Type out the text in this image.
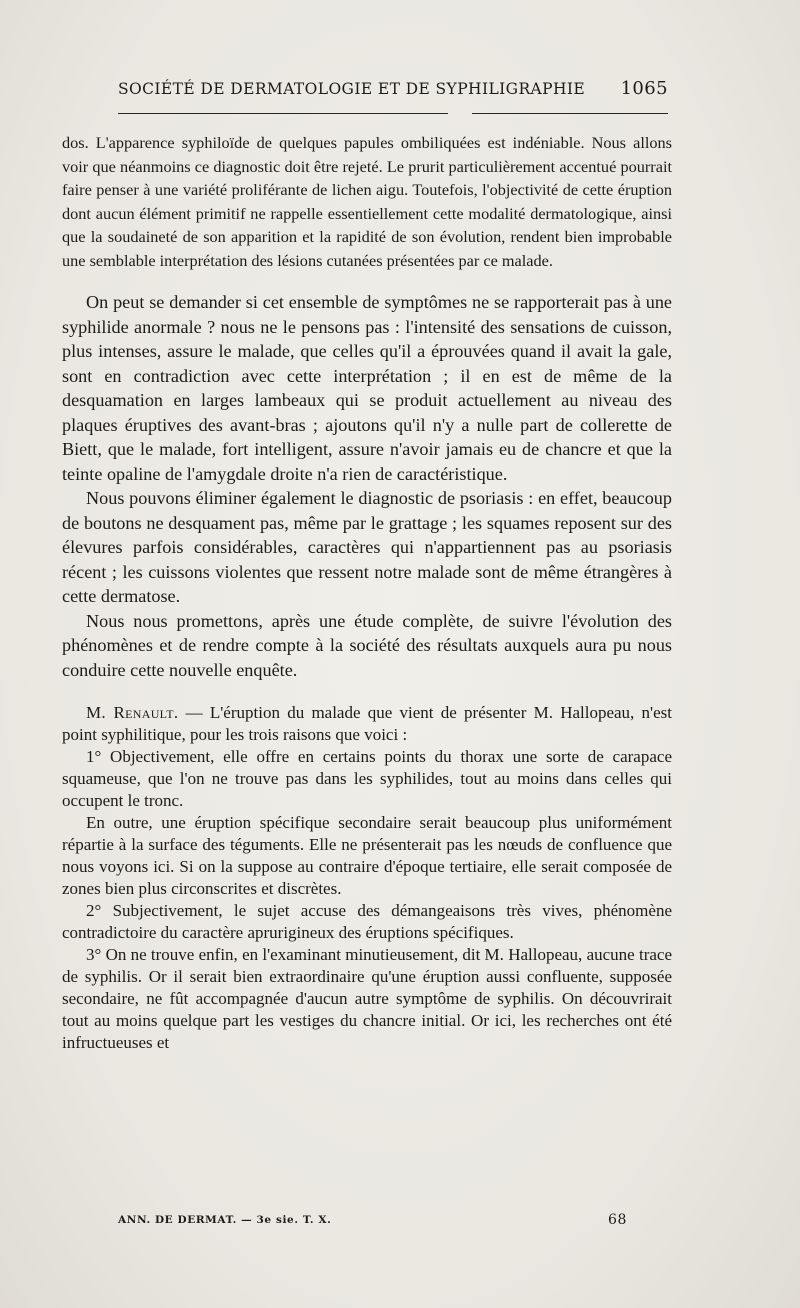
SOCIÉTÉ DE DERMATOLOGIE ET DE SYPHILIGRAPHIE 1065

dos. L'apparence syphiloïde de quelques papules ombiliquées est indéniable. Nous allons voir que néanmoins ce diagnostic doit être rejeté. Le prurit particulièrement accentué pourrait faire penser à une variété proliférante de lichen aigu. Toutefois, l'objectivité de cette éruption dont aucun élément primitif ne rappelle essentiellement cette modalité dermatologique, ainsi que la soudaineté de son apparition et la rapidité de son évolution, rendent bien improbable une semblable interprétation des lésions cutanées présentées par ce malade.

On peut se demander si cet ensemble de symptômes ne se rapporterait pas à une syphilide anormale ? nous ne le pensons pas : l'intensité des sensations de cuisson, plus intenses, assure le malade, que celles qu'il a éprouvées quand il avait la gale, sont en contradiction avec cette interprétation ; il en est de même de la desquamation en larges lambeaux qui se produit actuellement au niveau des plaques éruptives des avant-bras ; ajoutons qu'il n'y a nulle part de collerette de Biett, que le malade, fort intelligent, assure n'avoir jamais eu de chancre et que la teinte opaline de l'amygdale droite n'a rien de caractéristique.

Nous pouvons éliminer également le diagnostic de psoriasis : en effet, beaucoup de boutons ne desquament pas, même par le grattage ; les squames reposent sur des élevures parfois considérables, caractères qui n'appartiennent pas au psoriasis récent ; les cuissons violentes que ressent notre malade sont de même étrangères à cette dermatose.

Nous nous promettons, après une étude complète, de suivre l'évolution des phénomènes et de rendre compte à la société des résultats auxquels aura pu nous conduire cette nouvelle enquête.

M. Renault. — L'éruption du malade que vient de présenter M. Hallopeau, n'est point syphilitique, pour les trois raisons que voici :

1° Objectivement, elle offre en certains points du thorax une sorte de carapace squameuse, que l'on ne trouve pas dans les syphilides, tout au moins dans celles qui occupent le tronc.

En outre, une éruption spécifique secondaire serait beaucoup plus uniformément répartie à la surface des téguments. Elle ne présenterait pas les nœuds de confluence que nous voyons ici. Si on la suppose au contraire d'époque tertiaire, elle serait composée de zones bien plus circonscrites et discrètes.

2° Subjectivement, le sujet accuse des démangeaisons très vives, phénomène contradictoire du caractère aprurigineux des éruptions spécifiques.

3° On ne trouve enfin, en l'examinant minutieusement, dit M. Hallopeau, aucune trace de syphilis. Or il serait bien extraordinaire qu'une éruption aussi confluente, supposée secondaire, ne fût accompagnée d'aucun autre symptôme de syphilis. On découvrirait tout au moins quelque part les vestiges du chancre initial. Or ici, les recherches ont été infructueuses et

ANN. DE DERMAT. — 3e sie. T. X.	68
